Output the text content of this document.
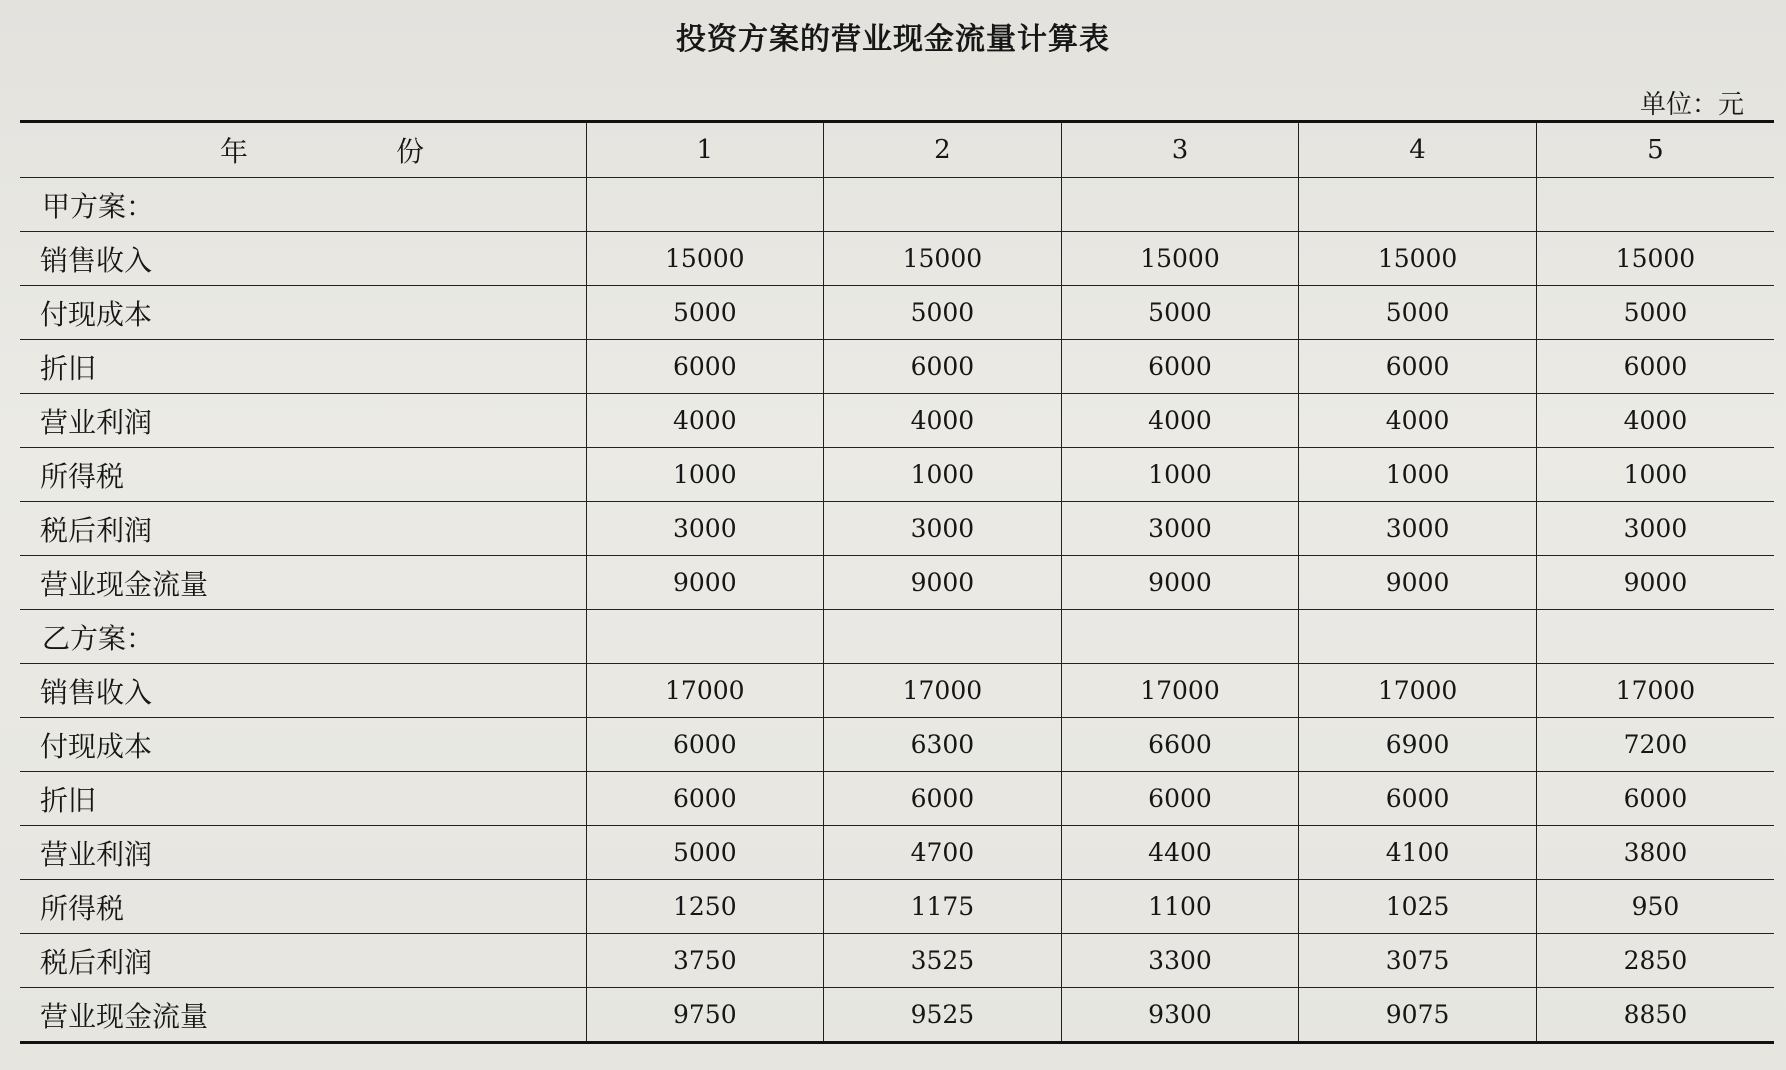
投资方案的营业现金流量计算表
单位：元
年　份	1	2	3	4	5
甲方案：					
销售收入	15000	15000	15000	15000	15000
付现成本	5000	5000	5000	5000	5000
折旧	6000	6000	6000	6000	6000
营业利润	4000	4000	4000	4000	4000
所得税	1000	1000	1000	1000	1000
税后利润	3000	3000	3000	3000	3000
营业现金流量	9000	9000	9000	9000	9000
乙方案：					
销售收入	17000	17000	17000	17000	17000
付现成本	6000	6300	6600	6900	7200
折旧	6000	6000	6000	6000	6000
营业利润	5000	4700	4400	4100	3800
所得税	1250	1175	1100	1025	950
税后利润	3750	3525	3300	3075	2850
营业现金流量	9750	9525	9300	9075	8850
